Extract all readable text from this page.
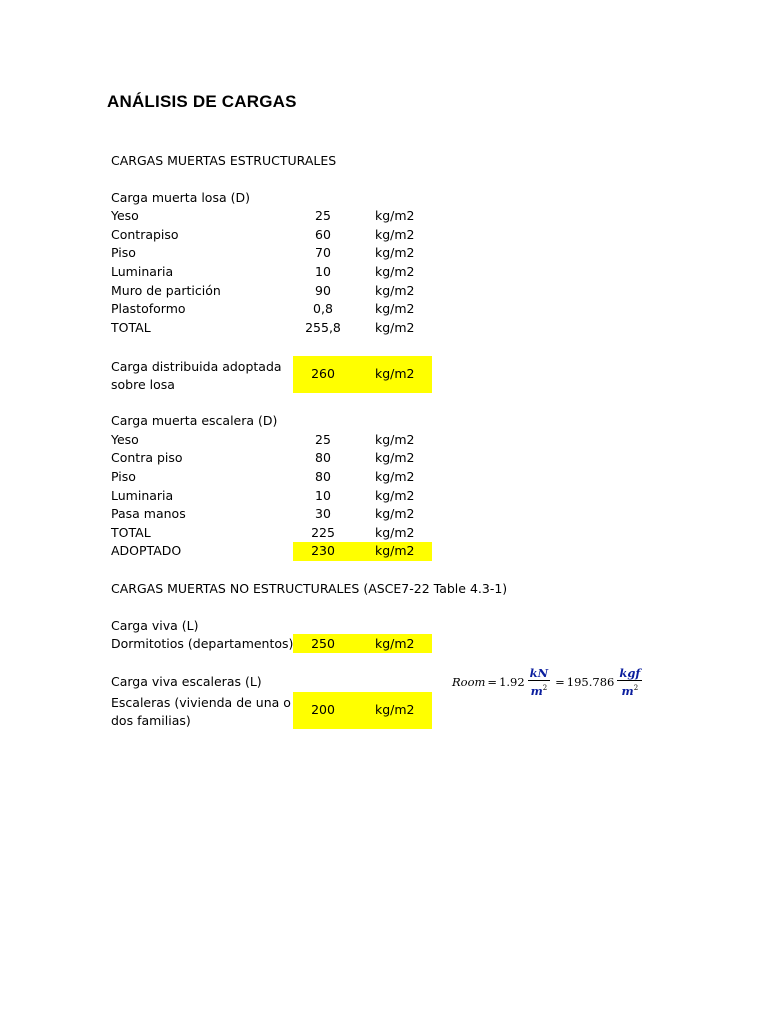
ANÁLISIS DE CARGAS
CARGAS MUERTAS ESTRUCTURALES
Carga muerta losa (D)
Yeso	25	kg/m2
Contrapiso	60	kg/m2
Piso	70	kg/m2
Luminaria	10	kg/m2
Muro de partición	90	kg/m2
Plastoformo	0,8	kg/m2
TOTAL	255,8	kg/m2
Carga distribuida adoptada
sobre losa
260	kg/m2
Carga muerta escalera (D)
Yeso	25	kg/m2
Contra piso	80	kg/m2
Piso	80	kg/m2
Luminaria	10	kg/m2
Pasa manos	30	kg/m2
TOTAL	225	kg/m2
ADOPTADO	230	kg/m2
CARGAS MUERTAS NO ESTRUCTURALES (ASCE7-22 Table 4.3-1)
Carga viva (L)
Dormitotios (departamentos)	250	kg/m2
Carga viva escaleras (L)
Escaleras (vivienda de una o
dos familias)
200	kg/m2
Room = $1.92 \frac{kN}{m^2} = 195.786 \frac{\text{kgf}}{m^2}$
